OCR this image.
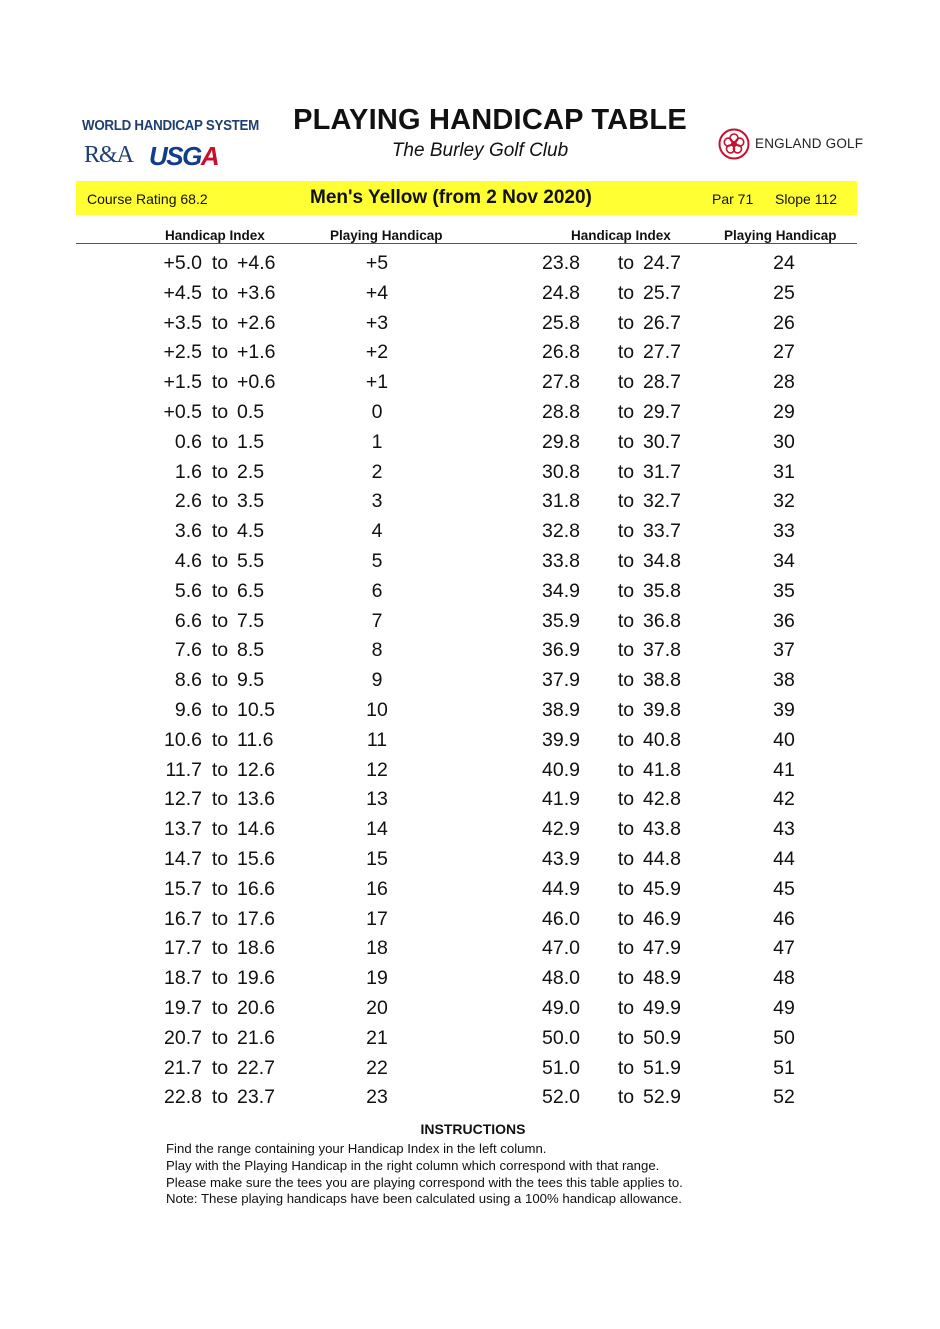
WORLD HANDICAP SYSTEM
R&A USGA	ENGLAND GOLF
PLAYING HANDICAP TABLE
The Burley Golf Club
Course Rating 68.2	Men's Yellow (from 2 Nov 2020)	Par 71 Slope 112
Handicap Index	Playing Handicap	Handicap Index	Playing Handicap
+5.0 to +4.6	+5	23.8	to 24.7	24
+4.5 to +3.6	+4	24.8	to 25.7	25
+3.5 to +2.6	+3	25.8	to 26.7	26
+2.5 to +1.6	+2	26.8	to 27.7	27
+1.5 to +0.6	+1	27.8	to 28.7	28
+0.5 to 0.5	0	28.8	to 29.7	29
0.6 to 1.5	1	29.8	to 30.7	30
1.6 to 2.5	2	30.8	to 31.7	31
2.6 to 3.5	3	31.8	to 32.7	32
3.6 to 4.5	4	32.8	to 33.7	33
4.6 to 5.5	5	33.8	to 34.8	34
5.6 to 6.5	6	34.9	to 35.8	35
6.6 to 7.5	7	35.9	to 36.8	36
7.6 to 8.5	8	36.9	to 37.8	37
8.6 to 9.5	9	37.9	to 38.8	38
9.6 to 10.5	10	38.9	to 39.8	39
10.6 to 11.6	11	39.9	to 40.8	40
11.7 to 12.6	12	40.9	to 41.8	41
12.7 to 13.6	13	41.9	to 42.8	42
13.7 to 14.6	14	42.9	to 43.8	43
14.7 to 15.6	15	43.9	to 44.8	44
15.7 to 16.6	16	44.9	to 45.9	45
16.7 to 17.6	17	46.0	to 46.9	46
17.7 to 18.6	18	47.0	to 47.9	47
18.7 to 19.6	19	48.0	to 48.9	48
19.7 to 20.6	20	49.0	to 49.9	49
20.7 to 21.6	21	50.0	to 50.9	50
21.7 to 22.7	22	51.0	to 51.9	51
22.8 to 23.7	23	52.0	to 52.9	52
INSTRUCTIONS
Find the range containing your Handicap Index in the left column.
Play with the Playing Handicap in the right column which correspond with that range.
Please make sure the tees you are playing correspond with the tees this table applies to.
Note: These playing handicaps have been calculated using a 100% handicap allowance.
